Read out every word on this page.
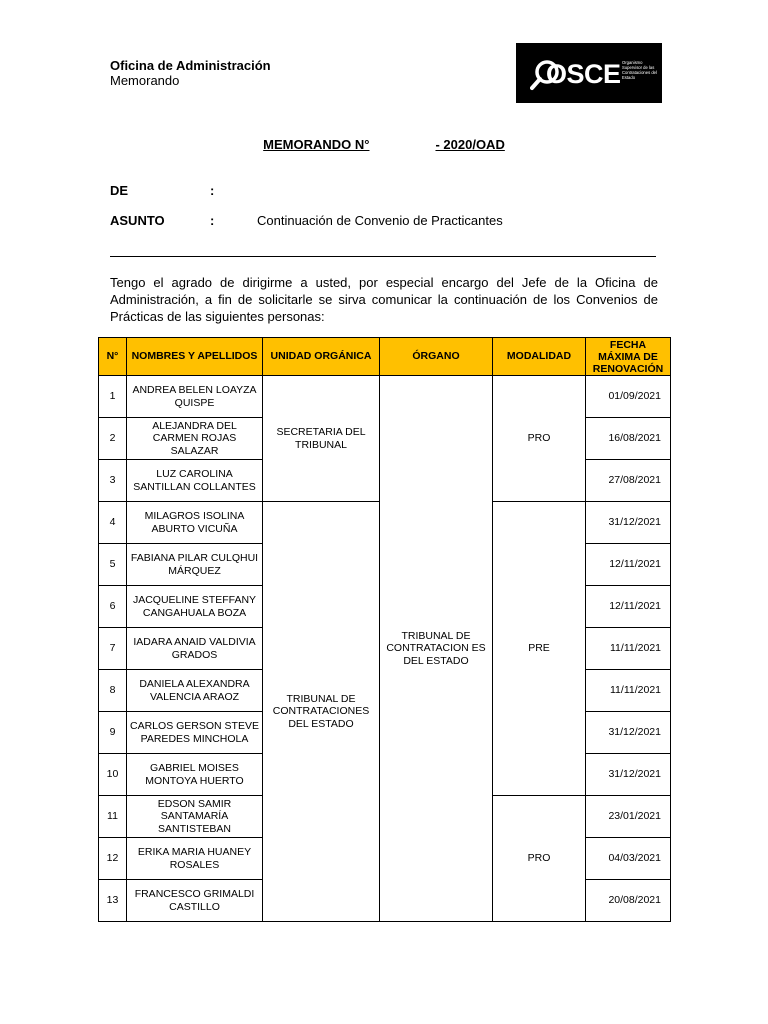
Oficina de Administración
Memorando	OSCE Organismo Supervisor de las Contrataciones del Estado
MEMORANDO N°	- 2020/OAD
DE	:
ASUNTO	:	Continuación de Convenio de Practicantes
Tengo el agrado de dirigirme a usted, por especial encargo del Jefe de la Oficina de Administración, a fin de solicitarle se sirva comunicar la continuación de los Convenios de Prácticas de las siguientes personas:
N°	NOMBRES Y APELLIDOS	UNIDAD ORGÁNICA	ÓRGANO	MODALIDAD	FECHA MÁXIMA DE RENOVACIÓN
1	ANDREA BELEN LOAYZA QUISPE	SECRETARIA DEL TRIBUNAL	TRIBUNAL DE CONTRATACION ES DEL ESTADO	PRO	01/09/2021
2	ALEJANDRA DEL CARMEN ROJAS SALAZAR				16/08/2021
3	LUZ CAROLINA SANTILLAN COLLANTES				27/08/2021
4	MILAGROS ISOLINA ABURTO VICUÑA	TRIBUNAL DE CONTRATACIONES DEL ESTADO		PRE	31/12/2021
5	FABIANA PILAR CULQHUI MÁRQUEZ				12/11/2021
6	JACQUELINE STEFFANY CANGAHUALA BOZA				12/11/2021
7	IADARA ANAID VALDIVIA GRADOS				11/11/2021
8	DANIELA ALEXANDRA VALENCIA ARAOZ				11/11/2021
9	CARLOS GERSON STEVE PAREDES MINCHOLA				31/12/2021
10	GABRIEL MOISES MONTOYA HUERTO				31/12/2021
11	EDSON SAMIR SANTAMARÍA SANTISTEBAN			PRO	23/01/2021
12	ERIKA MARIA HUANEY ROSALES				04/03/2021
13	FRANCESCO GRIMALDI CASTILLO				20/08/2021
